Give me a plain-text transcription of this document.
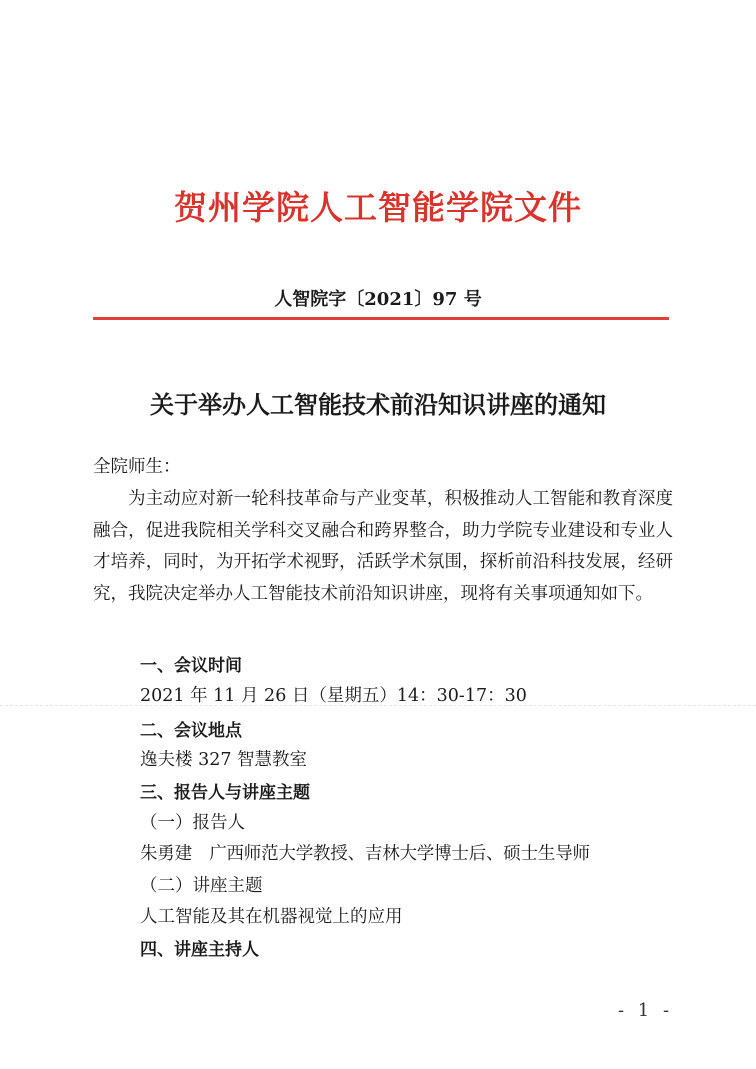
贺州学院人工智能学院文件
人智院字〔2021〕97 号
关于举办人工智能技术前沿知识讲座的通知
全院师生：
为主动应对新一轮科技革命与产业变革，积极推动人工智能和教育深度融合，促进我院相关学科交叉融合和跨界整合，助力学院专业建设和专业人才培养，同时，为开拓学术视野，活跃学术氛围，探析前沿科技发展，经研究，我院决定举办人工智能技术前沿知识讲座，现将有关事项通知如下。
一、会议时间
2021 年 11 月 26 日（星期五）14：30-17：30
二、会议地点
逸夫楼 327 智慧教室
三、报告人与讲座主题
（一）报告人
朱勇建　广西师范大学教授、吉林大学博士后、硕士生导师
（二）讲座主题
人工智能及其在机器视觉上的应用
四、讲座主持人
- 1 -
